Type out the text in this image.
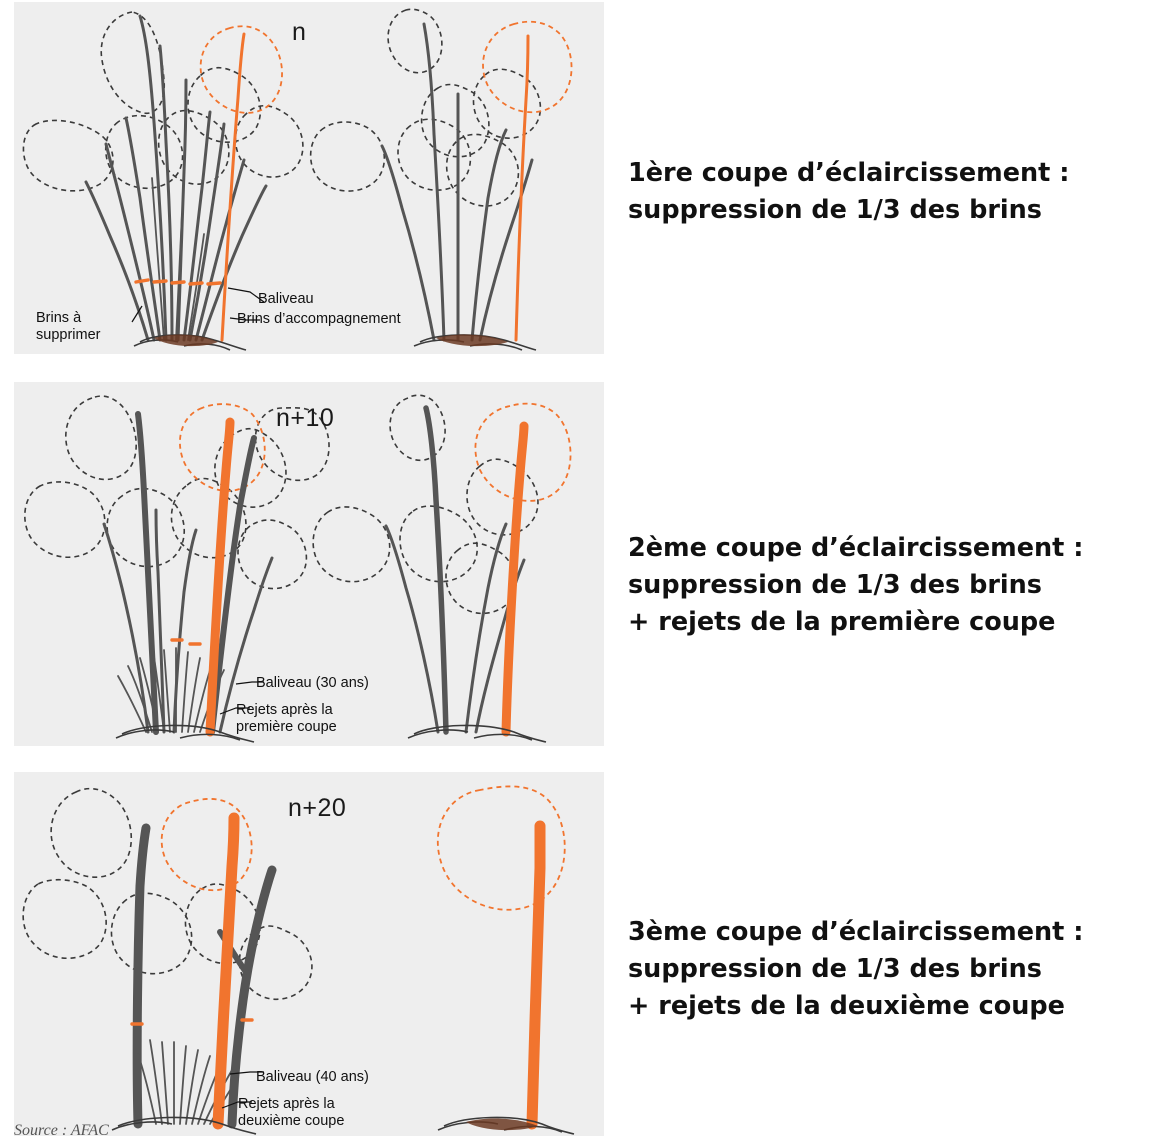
n
Brins à
supprimer
Baliveau
Brins d’accompagnement
1ère coupe d’éclaircissement :
suppression de 1/3 des brins
n+10
Baliveau (30 ans)
Rejets après la
première coupe
2ème coupe d’éclaircissement :
suppression de 1/3 des brins
+ rejets de la première coupe
n+20
Baliveau (40 ans)
Rejets après la
deuxième coupe
3ème coupe d’éclaircissement :
suppression de 1/3 des brins
+ rejets de la deuxième coupe
Source : AFAC
